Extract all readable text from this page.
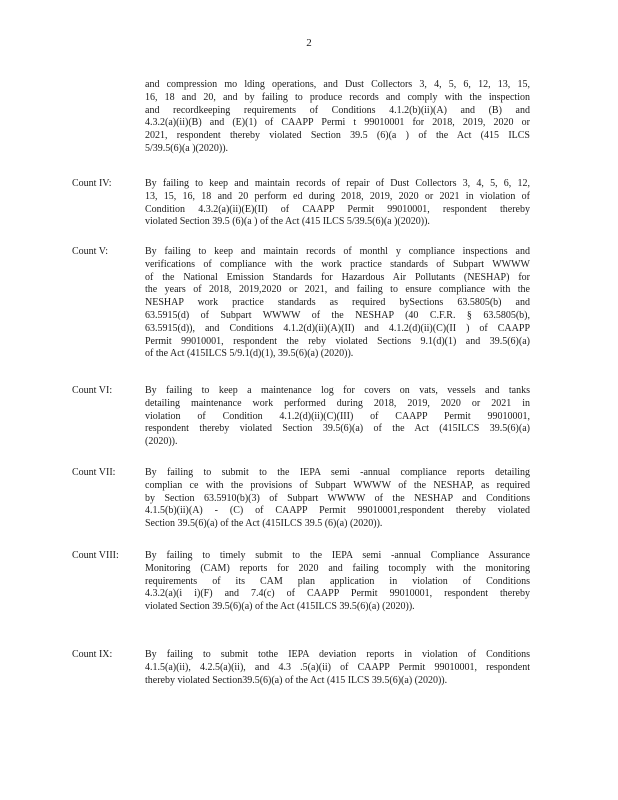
2
and compression mo lding operations, and Dust Collectors 3, 4, 5, 6, 12, 13, 15,
16, 18 and 20, and by failing to produce records and comply with the inspection
and recordkeeping requirements of Conditions 4.1.2(b)(ii)(A) and (B) and
4.3.2(a)(ii)(B) and (E)(1) of CAAPP Permi t 99010001 for 2018, 2019, 2020 or
2021, respondent thereby violated Section 39.5 (6)(a ) of the Act (415 ILCS
5/39.5(6)(a )(2020)).
Count IV:	By failing to keep and maintain records of repair of Dust Collectors 3, 4, 5, 6, 12,
13, 15, 16, 18 and 20 perform ed during 2018, 2019, 2020 or 2021 in violation of
Condition 4.3.2(a)(ii)(E)(II) of CAAPP Permit 99010001, respondent thereby
violated Section 39.5 (6)(a ) of the Act (415 ILCS 5/39.5(6)(a )(2020)).
Count V:	By failing to keep and maintain records of monthl y compliance inspections and
verifications of compliance with the work practice standards of Subpart WWWW
of the National Emission Standards for Hazardous Air Pollutants (NESHAP) for
the years of 2018, 2019,2020 or 2021, and failing to ensure compliance with the
NESHAP work practice standards as required bySections 63.5805(b) and
63.5915(d) of Subpart WWWW of the NESHAP (40 C.F.R. § 63.5805(b),
63.5915(d)), and Conditions 4.1.2(d)(ii)(A)(II) and 4.1.2(d)(ii)(C)(II ) of CAAPP
Permit 99010001, respondent the reby violated Sections 9.1(d)(1) and 39.5(6)(a)
of the Act (415ILCS 5/9.1(d)(1), 39.5(6)(a) (2020)).
Count VI:	By failing to keep a maintenance log for covers on vats, vessels and tanks
detailing maintenance work performed during 2018, 2019, 2020 or 2021 in
violation of Condition 4.1.2(d)(ii)(C)(III) of CAAPP Permit 99010001,
respondent thereby violated Section 39.5(6)(a) of the Act (415ILCS 39.5(6)(a)
(2020)).
Count VII:	By failing to submit to the IEPA semi -annual compliance reports detailing
complian ce with the provisions of Subpart WWWW of the NESHAP, as required
by Section 63.5910(b)(3) of Subpart WWWW of the NESHAP and Conditions
4.1.5(b)(ii)(A) - (C) of CAAPP Permit 99010001,respondent thereby violated
Section 39.5(6)(a) of the Act (415ILCS 39.5 (6)(a) (2020)).
Count VIII:	By failing to timely submit to the IEPA semi -annual Compliance Assurance
Monitoring (CAM) reports for 2020 and failing tocomply with the monitoring
requirements of its CAM plan application in violation of Conditions
4.3.2(a)(i i)(F) and 7.4(c) of CAAPP Permit 99010001, respondent thereby
violated Section 39.5(6)(a) of the Act (415ILCS 39.5(6)(a) (2020)).
Count IX:	By failing to submit tothe IEPA deviation reports in violation of Conditions
4.1.5(a)(ii), 4.2.5(a)(ii), and 4.3 .5(a)(ii) of CAAPP Permit 99010001, respondent
thereby violated Section39.5(6)(a) of the Act (415 ILCS 39.5(6)(a) (2020)).
